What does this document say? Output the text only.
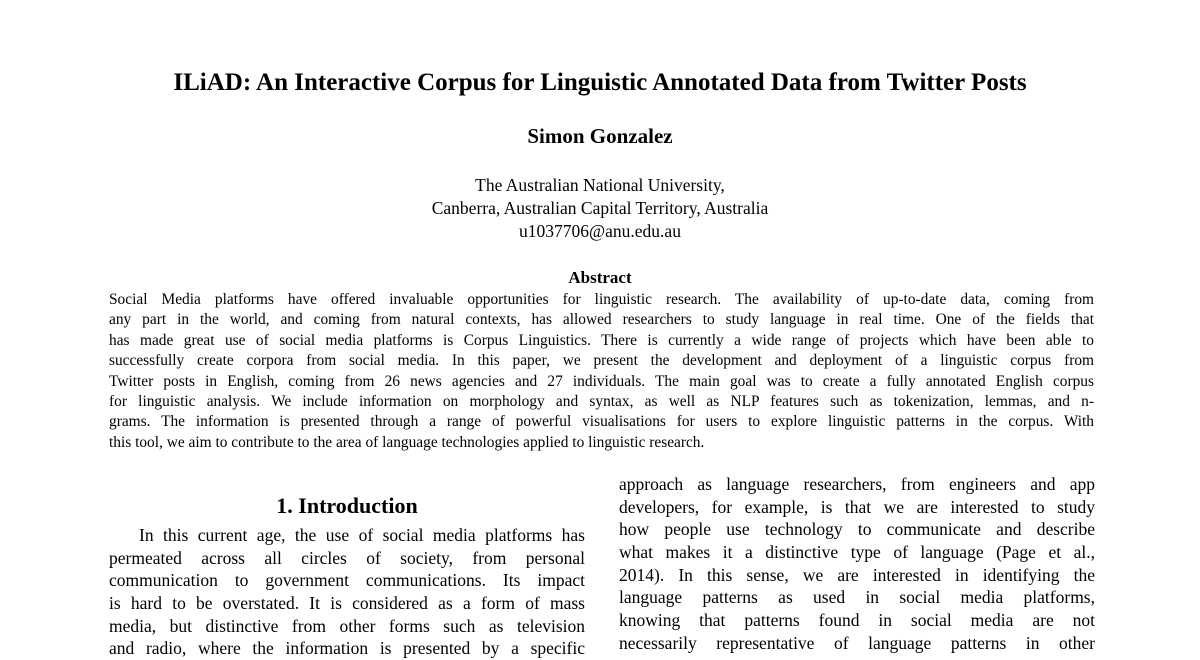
ILiAD: An Interactive Corpus for Linguistic Annotated Data from Twitter Posts
Simon Gonzalez
The Australian National University,
Canberra, Australian Capital Territory, Australia
u1037706@anu.edu.au
Abstract
Social Media platforms have offered invaluable opportunities for linguistic research. The availability of up-to-date data, coming from
any part in the world, and coming from natural contexts, has allowed researchers to study language in real time. One of the fields that
has made great use of social media platforms is Corpus Linguistics. There is currently a wide range of projects which have been able to
successfully create corpora from social media. In this paper, we present the development and deployment of a linguistic corpus from
Twitter posts in English, coming from 26 news agencies and 27 individuals. The main goal was to create a fully annotated English corpus
for linguistic analysis. We include information on morphology and syntax, as well as NLP features such as tokenization, lemmas, and n-
grams. The information is presented through a range of powerful visualisations for users to explore linguistic patterns in the corpus. With
this tool, we aim to contribute to the area of language technologies applied to linguistic research.
1. Introduction
In this current age, the use of social media platforms has
permeated across all circles of society, from personal
communication to government communications. Its impact
is hard to be overstated. It is considered as a form of mass
media, but distinctive from other forms such as television
and radio, where the information is presented by a specific
approach as language researchers, from engineers and app
developers, for example, is that we are interested to study
how people use technology to communicate and describe
what makes it a distinctive type of language (Page et al.,
2014). In this sense, we are interested in identifying the
language patterns as used in social media platforms,
knowing that patterns found in social media are not
necessarily representative of language patterns in other
